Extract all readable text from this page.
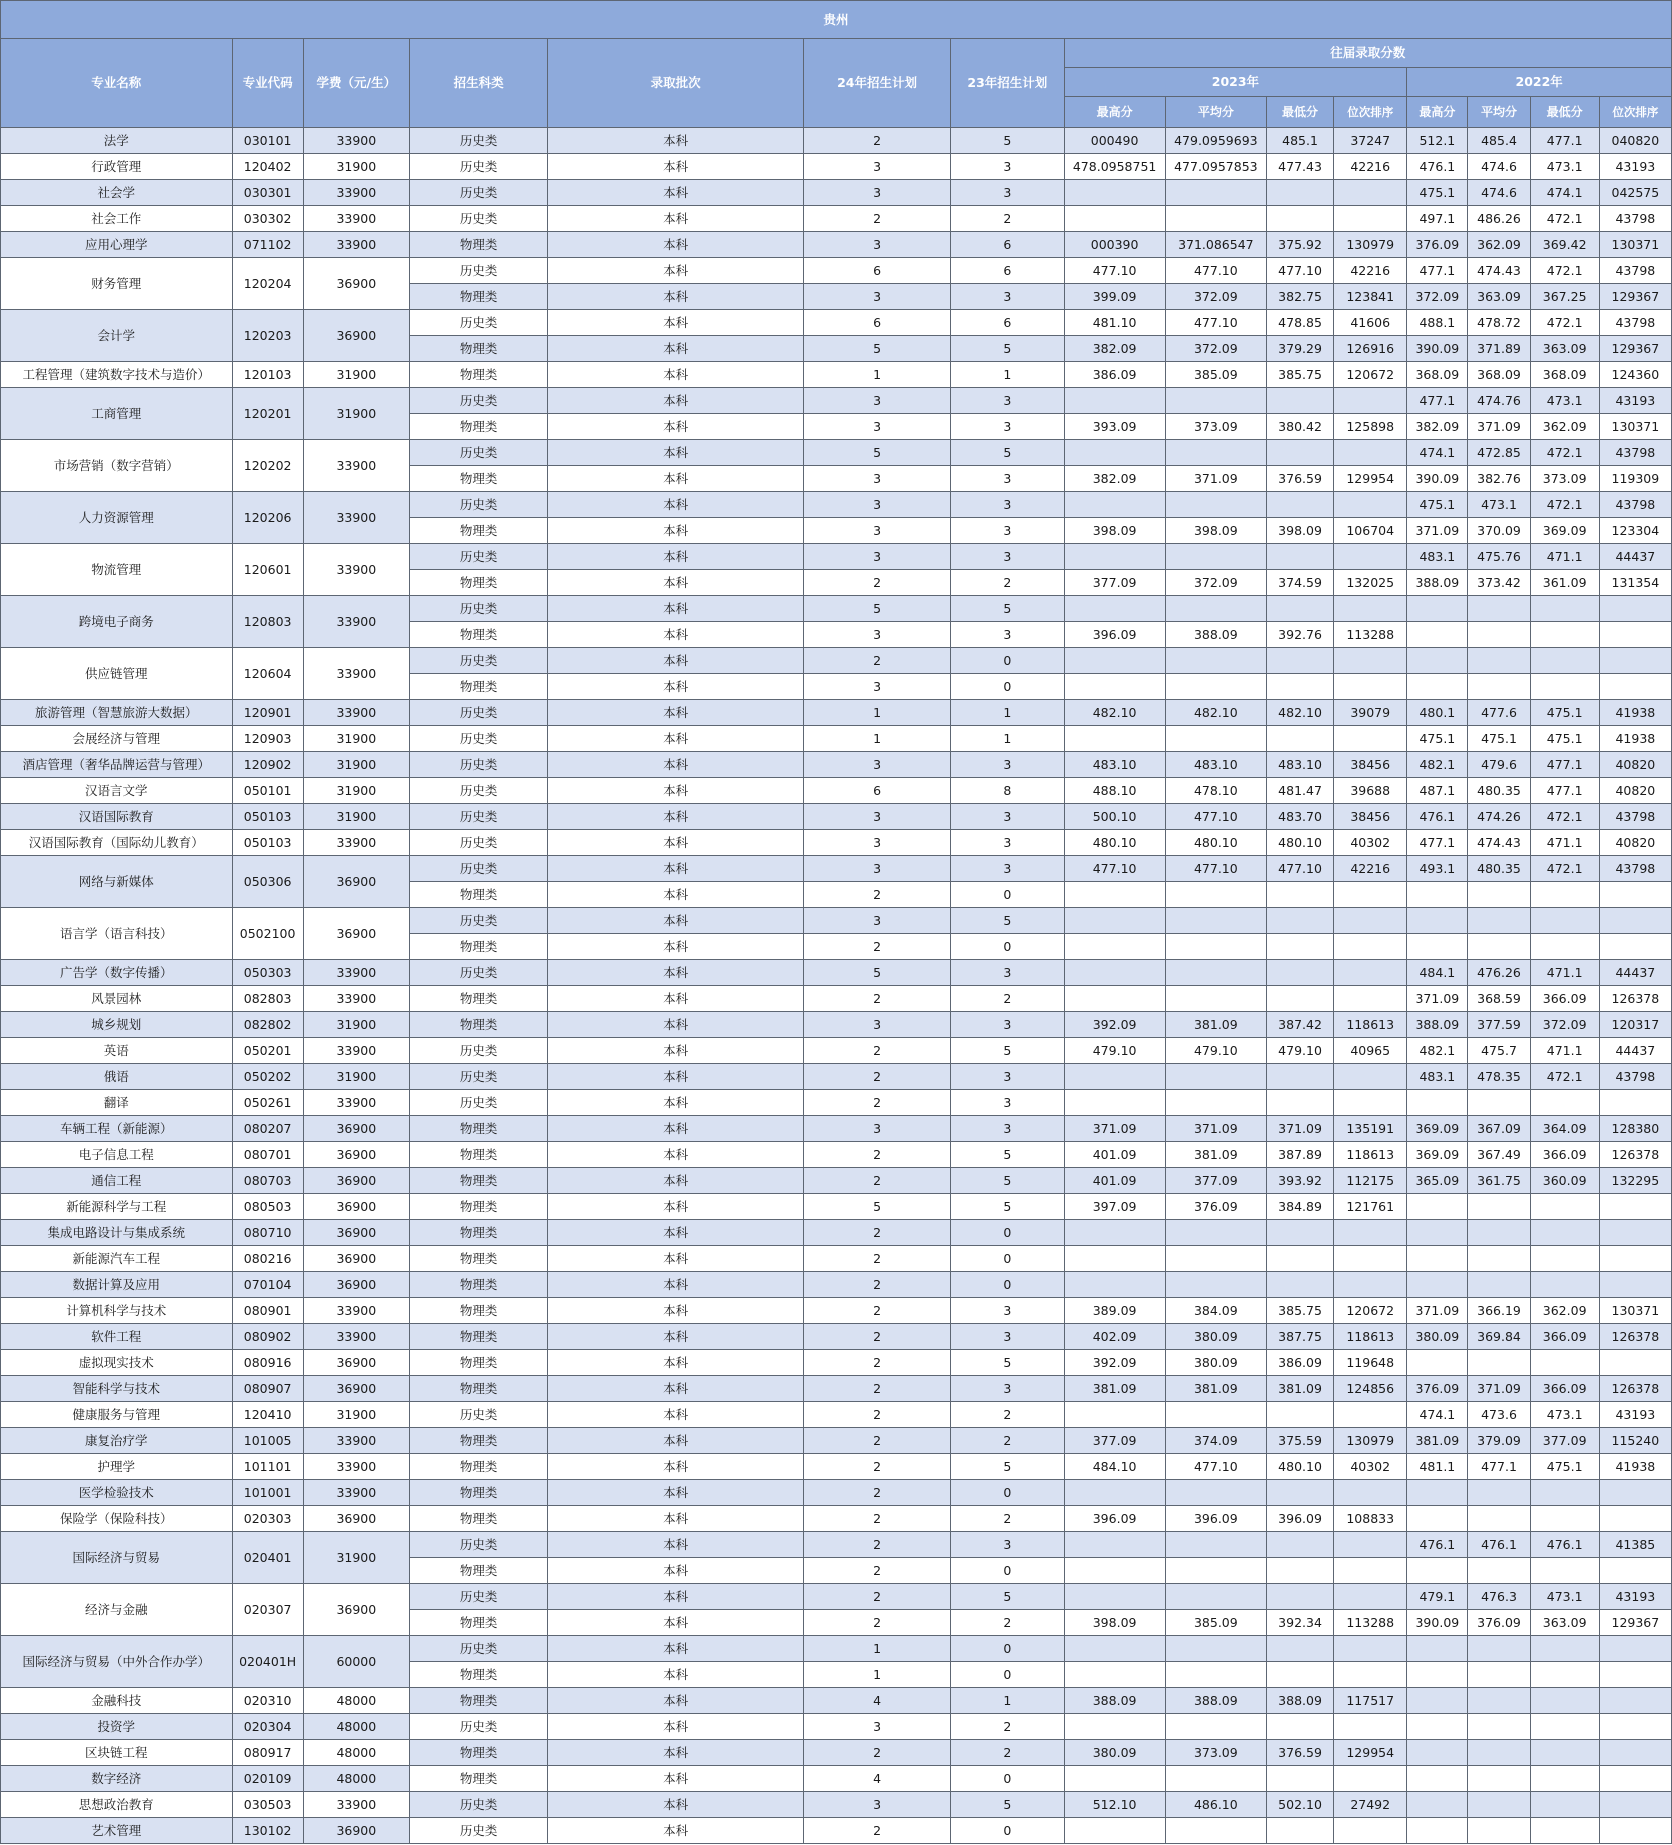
贵州														
专业名称	专业代码	学费（元/生）	招生科类	录取批次	24年招生计划	23年招生计划	往届录取分数							
							2023年				2022年			
							最高分	平均分	最低分	位次排序	最高分	平均分	最低分	位次排序
法学	030101	33900	历史类	本科	2	5	000490	479.0959693	485.1	37247	512.1	485.4	477.1	040820
行政管理	120402	31900	历史类	本科	3	3	478.0958751	477.0957853	477.43	42216	476.1	474.6	473.1	43193
社会学	030301	33900	历史类	本科	3	3					475.1	474.6	474.1	042575
社会工作	030302	33900	历史类	本科	2	2					497.1	486.26	472.1	43798
应用心理学	071102	33900	物理类	本科	3	6	000390	371.086547	375.92	130979	376.09	362.09	369.42	130371
财务管理	120204	36900	历史类	本科	6	6	477.10	477.10	477.10	42216	477.1	474.43	472.1	43798
			物理类	本科	3	3	399.09	372.09	382.75	123841	372.09	363.09	367.25	129367
会计学	120203	36900	历史类	本科	6	6	481.10	477.10	478.85	41606	488.1	478.72	472.1	43798
			物理类	本科	5	5	382.09	372.09	379.29	126916	390.09	371.89	363.09	129367
工程管理（建筑数字技术与造价）	120103	31900	物理类	本科	1	1	386.09	385.09	385.75	120672	368.09	368.09	368.09	124360
工商管理	120201	31900	历史类	本科	3	3					477.1	474.76	473.1	43193
			物理类	本科	3	3	393.09	373.09	380.42	125898	382.09	371.09	362.09	130371
市场营销（数字营销）	120202	33900	历史类	本科	5	5					474.1	472.85	472.1	43798
			物理类	本科	3	3	382.09	371.09	376.59	129954	390.09	382.76	373.09	119309
人力资源管理	120206	33900	历史类	本科	3	3					475.1	473.1	472.1	43798
			物理类	本科	3	3	398.09	398.09	398.09	106704	371.09	370.09	369.09	123304
物流管理	120601	33900	历史类	本科	3	3					483.1	475.76	471.1	44437
			物理类	本科	2	2	377.09	372.09	374.59	132025	388.09	373.42	361.09	131354
跨境电子商务	120803	33900	历史类	本科	5	5								
			物理类	本科	3	3	396.09	388.09	392.76	113288				
供应链管理	120604	33900	历史类	本科	2	0								
			物理类	本科	3	0								
旅游管理（智慧旅游大数据）	120901	33900	历史类	本科	1	1	482.10	482.10	482.10	39079	480.1	477.6	475.1	41938
会展经济与管理	120903	31900	历史类	本科	1	1					475.1	475.1	475.1	41938
酒店管理（奢华品牌运营与管理）	120902	31900	历史类	本科	3	3	483.10	483.10	483.10	38456	482.1	479.6	477.1	40820
汉语言文学	050101	31900	历史类	本科	6	8	488.10	478.10	481.47	39688	487.1	480.35	477.1	40820
汉语国际教育	050103	31900	历史类	本科	3	3	500.10	477.10	483.70	38456	476.1	474.26	472.1	43798
汉语国际教育（国际幼儿教育）	050103	33900	历史类	本科	3	3	480.10	480.10	480.10	40302	477.1	474.43	471.1	40820
网络与新媒体	050306	36900	历史类	本科	3	3	477.10	477.10	477.10	42216	493.1	480.35	472.1	43798
			物理类	本科	2	0								
语言学（语言科技）	0502100	36900	历史类	本科	3	5								
			物理类	本科	2	0								
广告学（数字传播）	050303	33900	历史类	本科	5	3					484.1	476.26	471.1	44437
风景园林	082803	33900	物理类	本科	2	2					371.09	368.59	366.09	126378
城乡规划	082802	31900	物理类	本科	3	3	392.09	381.09	387.42	118613	388.09	377.59	372.09	120317
英语	050201	33900	历史类	本科	2	5	479.10	479.10	479.10	40965	482.1	475.7	471.1	44437
俄语	050202	31900	历史类	本科	2	3					483.1	478.35	472.1	43798
翻译	050261	33900	历史类	本科	2	3								
车辆工程（新能源）	080207	36900	物理类	本科	3	3	371.09	371.09	371.09	135191	369.09	367.09	364.09	128380
电子信息工程	080701	36900	物理类	本科	2	5	401.09	381.09	387.89	118613	369.09	367.49	366.09	126378
通信工程	080703	36900	物理类	本科	2	5	401.09	377.09	393.92	112175	365.09	361.75	360.09	132295
新能源科学与工程	080503	36900	物理类	本科	5	5	397.09	376.09	384.89	121761				
集成电路设计与集成系统	080710	36900	物理类	本科	2	0								
新能源汽车工程	080216	36900	物理类	本科	2	0								
数据计算及应用	070104	36900	物理类	本科	2	0								
计算机科学与技术	080901	33900	物理类	本科	2	3	389.09	384.09	385.75	120672	371.09	366.19	362.09	130371
软件工程	080902	33900	物理类	本科	2	3	402.09	380.09	387.75	118613	380.09	369.84	366.09	126378
虚拟现实技术	080916	36900	物理类	本科	2	5	392.09	380.09	386.09	119648				
智能科学与技术	080907	36900	物理类	本科	2	3	381.09	381.09	381.09	124856	376.09	371.09	366.09	126378
健康服务与管理	120410	31900	历史类	本科	2	2					474.1	473.6	473.1	43193
康复治疗学	101005	33900	物理类	本科	2	2	377.09	374.09	375.59	130979	381.09	379.09	377.09	115240
护理学	101101	33900	物理类	本科	2	5	484.10	477.10	480.10	40302	481.1	477.1	475.1	41938
医学检验技术	101001	33900	物理类	本科	2	0								
保险学（保险科技）	020303	36900	物理类	本科	2	2	396.09	396.09	396.09	108833				
国际经济与贸易	020401	31900	历史类	本科	2	3					476.1	476.1	476.1	41385
			物理类	本科	2	0								
经济与金融	020307	36900	历史类	本科	2	5					479.1	476.3	473.1	43193
			物理类	本科	2	2	398.09	385.09	392.34	113288	390.09	376.09	363.09	129367
国际经济与贸易（中外合作办学）	020401H	60000	历史类	本科	1	0								
			物理类	本科	1	0								
金融科技	020310	48000	物理类	本科	4	1	388.09	388.09	388.09	117517				
投资学	020304	48000	历史类	本科	3	2								
区块链工程	080917	48000	物理类	本科	2	2	380.09	373.09	376.59	129954				
数字经济	020109	48000	物理类	本科	4	0								
思想政治教育	030503	33900	历史类	本科	3	5	512.10	486.10	502.10	27492				
艺术管理	130102	36900	历史类	本科	2	0								
